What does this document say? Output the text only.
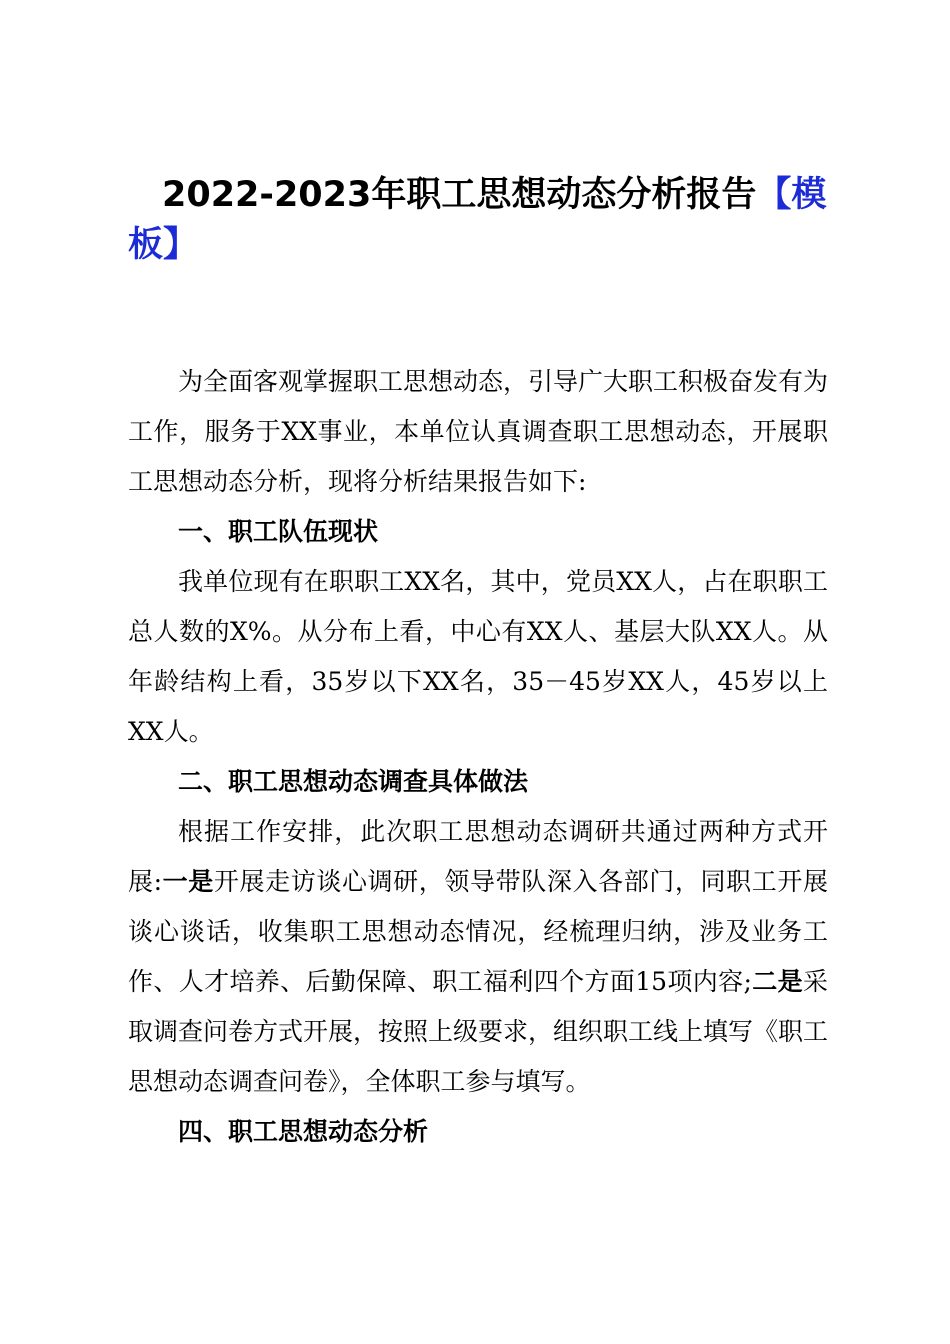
2022-2023年职工思想动态分析报告【模板】

为全面客观掌握职工思想动态，引导广大职工积极奋发有为工作，服务于XX事业，本单位认真调查职工思想动态，开展职工思想动态分析，现将分析结果报告如下:

一、职工队伍现状

我单位现有在职职工XX名，其中，党员XX人，占在职职工总人数的X%。从分布上看，中心有XX人、基层大队XX人。从年龄结构上看，35岁以下XX名，35－45岁XX人，45岁以上XX人。

二、职工思想动态调查具体做法

根据工作安排，此次职工思想动态调研共通过两种方式开展:一是开展走访谈心调研，领导带队深入各部门，同职工开展谈心谈话，收集职工思想动态情况，经梳理归纳，涉及业务工作、人才培养、后勤保障、职工福利四个方面15项内容;二是采取调查问卷方式开展，按照上级要求，组织职工线上填写《职工思想动态调查问卷》，全体职工参与填写。

四、职工思想动态分析
